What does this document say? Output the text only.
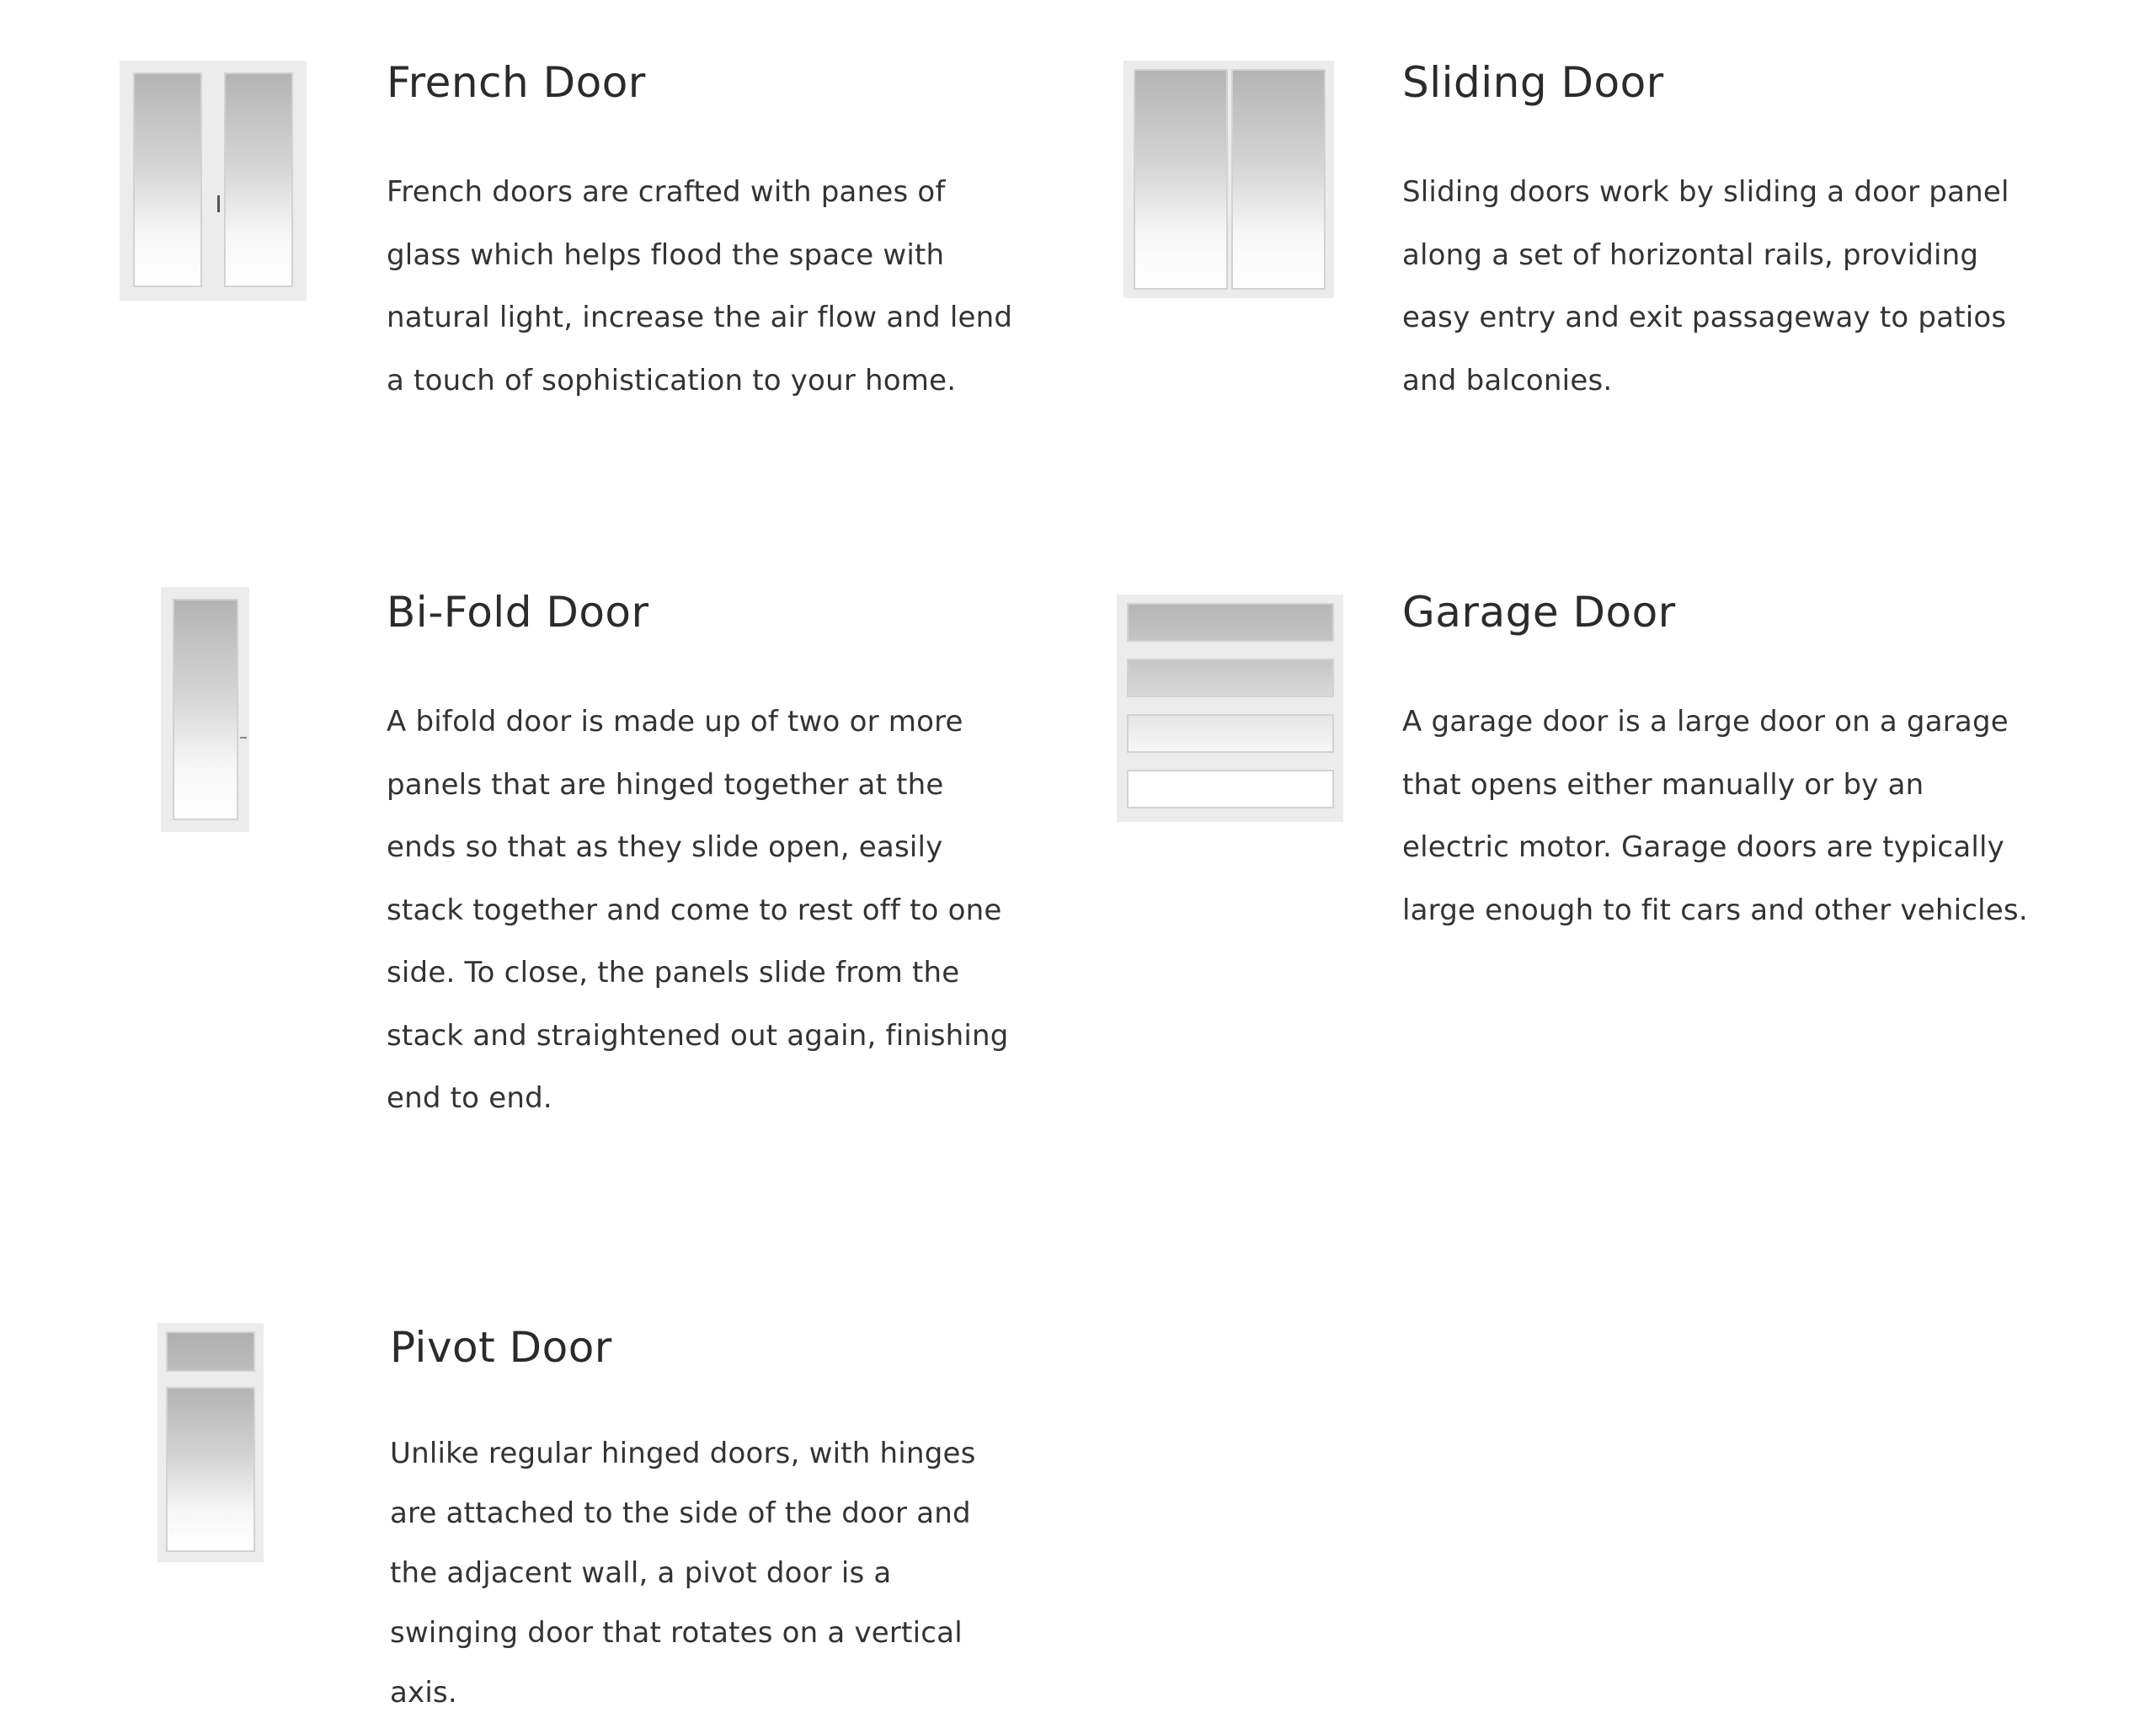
French Door
French doors are crafted with panes of
glass which helps flood the space with
natural light, increase the air flow and lend
a touch of sophistication to your home.
Sliding Door
Sliding doors work by sliding a door panel
along a set of horizontal rails, providing
easy entry and exit passageway to patios
and balconies.
Bi-Fold Door
A bifold door is made up of two or more
panels that are hinged together at the
ends so that as they slide open, easily
stack together and come to rest off to one
side. To close, the panels slide from the
stack and straightened out again, finishing
end to end.
Garage Door
A garage door is a large door on a garage
that opens either manually or by an
electric motor. Garage doors are typically
large enough to fit cars and other vehicles.
Pivot Door
Unlike regular hinged doors, with hinges
are attached to the side of the door and
the adjacent wall, a pivot door is a
swinging door that rotates on a vertical
axis.
